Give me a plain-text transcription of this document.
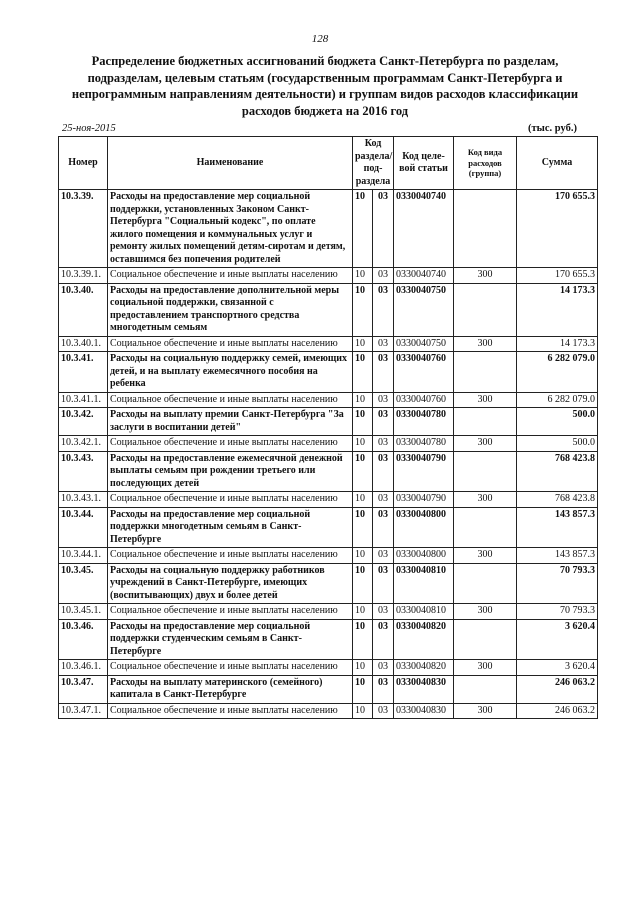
128
Распределение бюджетных ассигнований бюджета Санкт-Петербурга по разделам, подразделам, целевым статьям (государственным программам Санкт-Петербурга и непрограммным направлениям деятельности) и группам видов расходов классификации расходов бюджета на 2016 год
25-ноя-2015	(тыс. руб.)
Номер	Наименование	Код раздела/ под-раздела		Код целе-вой статьи	Код вида расходов (группа)	Сумма
10.3.39.	Расходы на предоставление мер социальной поддержки, установленных Законом Санкт-Петербурга "Социальный кодекс", по оплате жилого помещения и коммунальных услуг и ремонту жилых помещений детям-сиротам и детям, оставшимся без попечения родителей	10	03	0330040740		170 655.3
10.3.39.1.	Социальное обеспечение и иные выплаты населению	10	03	0330040740	300	170 655.3
10.3.40.	Расходы на предоставление дополнительной меры социальной поддержки, связанной с предоставлением транспортного средства многодетным семьям	10	03	0330040750		14 173.3
10.3.40.1.	Социальное обеспечение и иные выплаты населению	10	03	0330040750	300	14 173.3
10.3.41.	Расходы на социальную поддержку семей, имеющих детей, и на выплату ежемесячного пособия на ребенка	10	03	0330040760		6 282 079.0
10.3.41.1.	Социальное обеспечение и иные выплаты населению	10	03	0330040760	300	6 282 079.0
10.3.42.	Расходы на выплату премии Санкт-Петербурга "За заслуги в воспитании детей"	10	03	0330040780		500.0
10.3.42.1.	Социальное обеспечение и иные выплаты населению	10	03	0330040780	300	500.0
10.3.43.	Расходы на предоставление ежемесячной денежной выплаты семьям при рождении третьего или последующих детей	10	03	0330040790		768 423.8
10.3.43.1.	Социальное обеспечение и иные выплаты населению	10	03	0330040790	300	768 423.8
10.3.44.	Расходы на предоставление мер социальной поддержки многодетным семьям в Санкт-Петербурге	10	03	0330040800		143 857.3
10.3.44.1.	Социальное обеспечение и иные выплаты населению	10	03	0330040800	300	143 857.3
10.3.45.	Расходы на социальную поддержку работников учреждений в Санкт-Петербурге, имеющих (воспитывающих) двух и более детей	10	03	0330040810		70 793.3
10.3.45.1.	Социальное обеспечение и иные выплаты населению	10	03	0330040810	300	70 793.3
10.3.46.	Расходы на предоставление мер социальной поддержки студенческим семьям в Санкт-Петербурге	10	03	0330040820		3 620.4
10.3.46.1.	Социальное обеспечение и иные выплаты населению	10	03	0330040820	300	3 620.4
10.3.47.	Расходы на выплату материнского (семейного) капитала в Санкт-Петербурге	10	03	0330040830		246 063.2
10.3.47.1.	Социальное обеспечение и иные выплаты населению	10	03	0330040830	300	246 063.2
